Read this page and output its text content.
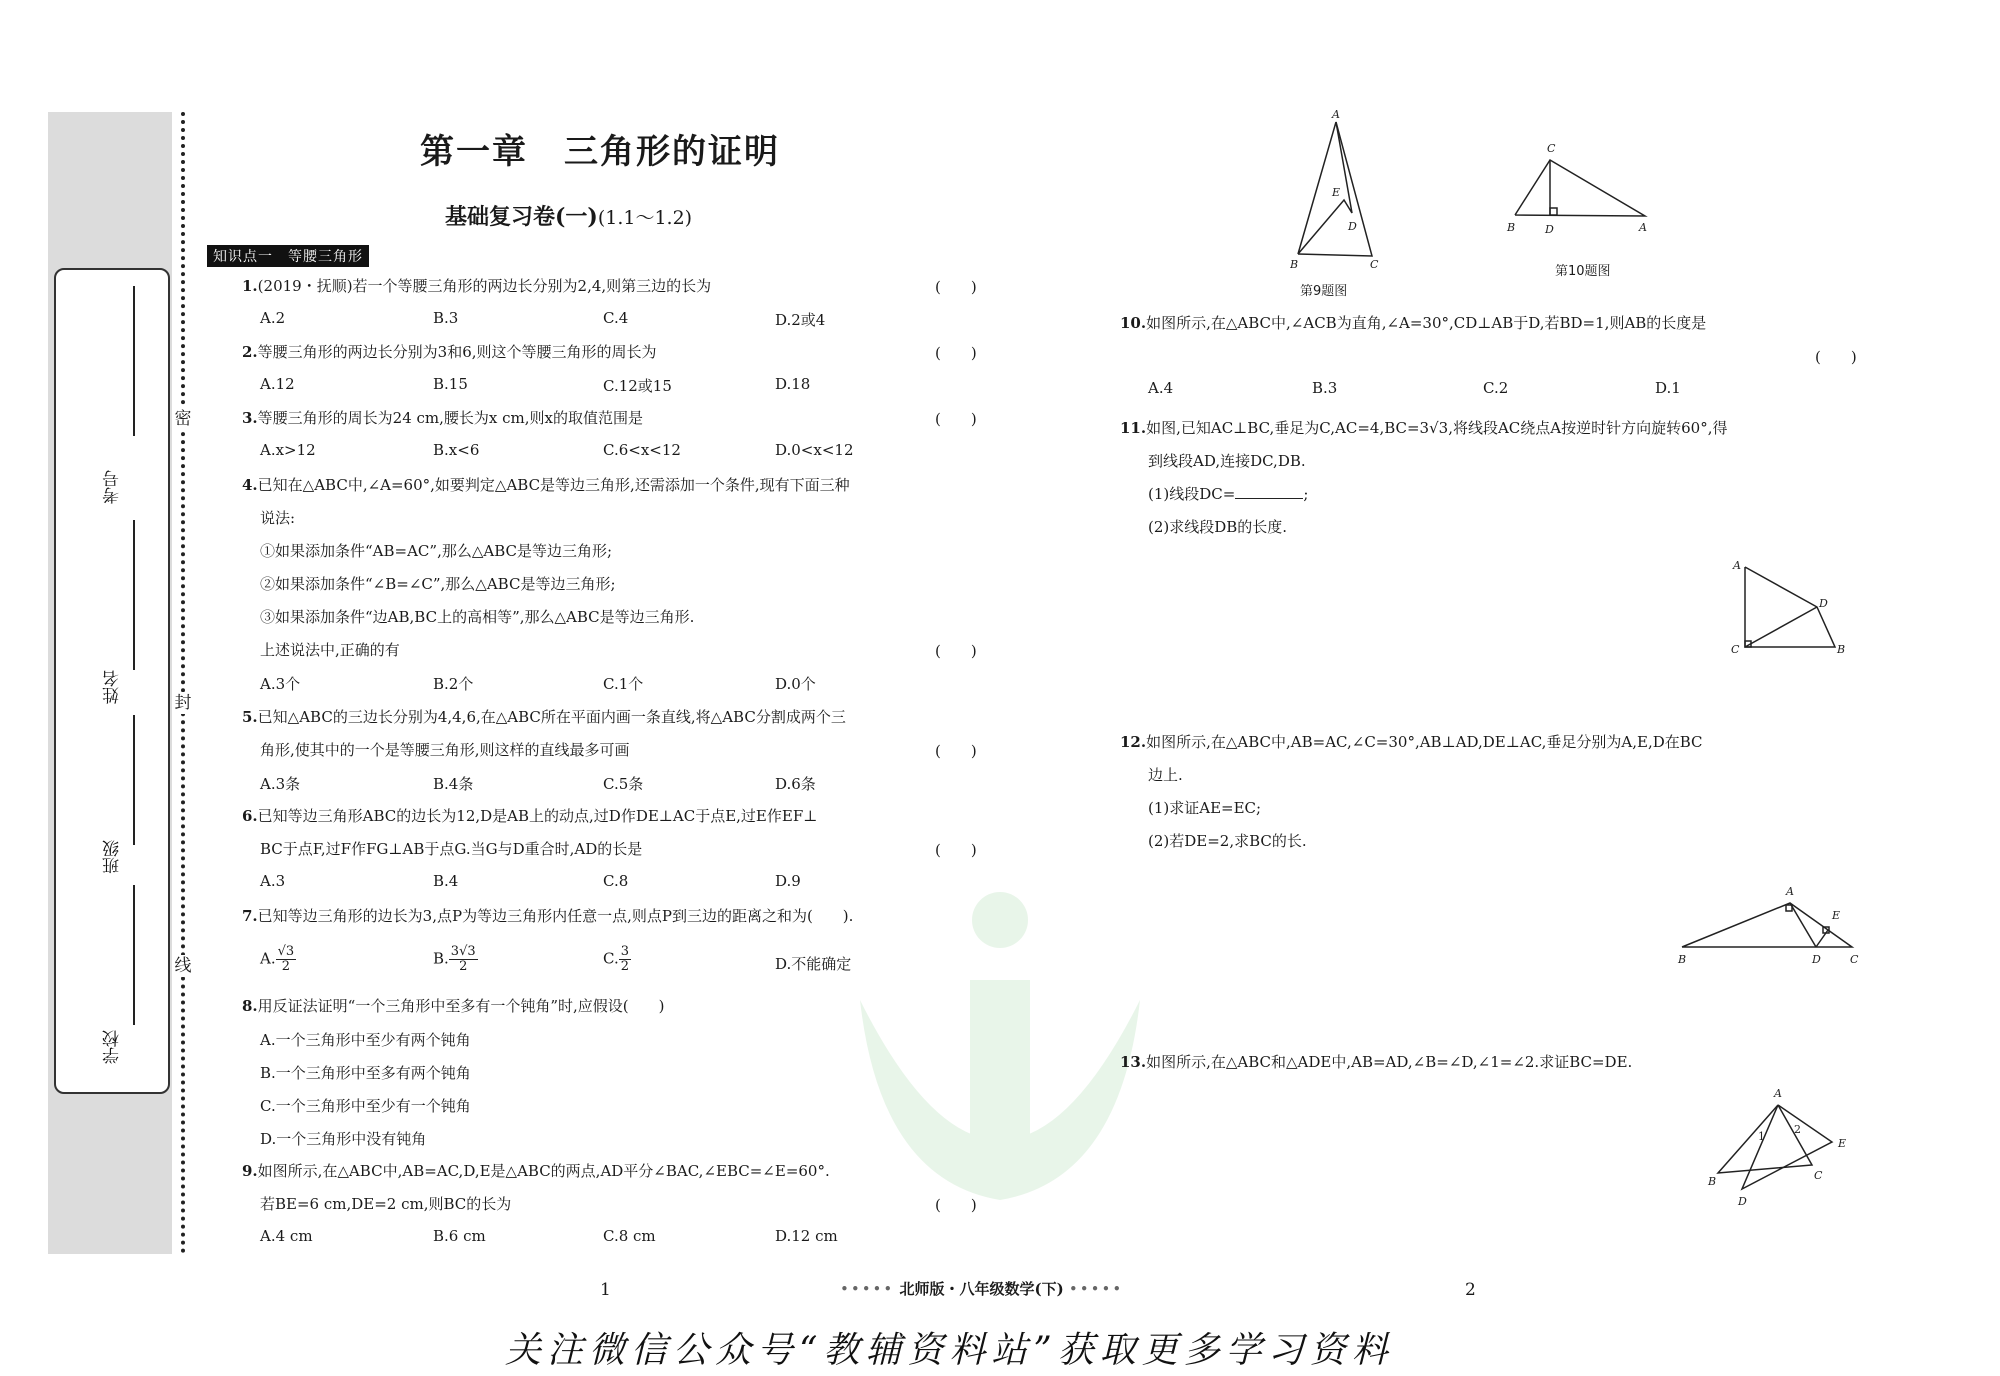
考号
姓名
班级
学校
密
封
线
第一章　三角形的证明
基础复习卷(一)(1.1～1.2)
知识点一　等腰三角形
1.(2019・抚顺)若一个等腰三角形的两边长分别为2,4,则第三边的长为	(　　)
A.2	B.3	C.4	D.2或4
2.等腰三角形的两边长分别为3和6,则这个等腰三角形的周长为	(　　)
A.12	B.15	C.12或15	D.18
3.等腰三角形的周长为24 cm,腰长为x cm,则x的取值范围是	(　　)
A.x>12	B.x<6	C.6<x<12	D.0<x<12
4.已知在△ABC中,∠A=60°,如要判定△ABC是等边三角形,还需添加一个条件,现有下面三种
说法:
①如果添加条件“AB=AC”,那么△ABC是等边三角形;
②如果添加条件“∠B=∠C”,那么△ABC是等边三角形;
③如果添加条件“边AB,BC上的高相等”,那么△ABC是等边三角形.
上述说法中,正确的有	(　　)
A.3个	B.2个	C.1个	D.0个
5.已知△ABC的三边长分别为4,4,6,在△ABC所在平面内画一条直线,将△ABC分割成两个三
角形,使其中的一个是等腰三角形,则这样的直线最多可画	(　　)
A.3条	B.4条	C.5条	D.6条
6.已知等边三角形ABC的边长为12,D是AB上的动点,过D作DE⊥AC于点E,过E作EF⊥
BC于点F,过F作FG⊥AB于点G.当G与D重合时,AD的长是	(　　)
A.3	B.4	C.8	D.9
7.已知等边三角形的边长为3,点P为等边三角形内任意一点,则点P到三边的距离之和为(　　).
A. $\frac{√3}{2}$	B. $\frac{3√3}{2}$	C. $\frac{3}{2}$	D.不能确定
8.用反证法证明“一个三角形中至多有一个钝角”时,应假设(　　)
A.一个三角形中至少有两个钝角
B.一个三角形中至多有两个钝角
C.一个三角形中至少有一个钝角
D.一个三角形中没有钝角
9.如图所示,在△ABC中,AB=AC,D,E是△ABC的两点,AD平分∠BAC,∠EBC=∠E=60°.
若BE=6 cm,DE=2 cm,则BC的长为	(　　)
A.4 cm	B.6 cm	C.8 cm	D.12 cm
A
E
D
B	C
第9题图
C
B	D	A
第10题图
10.如图所示,在△ABC中,∠ACB为直角,∠A=30°,CD⊥AB于D,若BD=1,则AB的长度是
(　　)
A.4	B.3	C.2	D.1
11.如图,已知AC⊥BC,垂足为C,AC=4,BC=3√3,将线段AC绕点A按逆时针方向旋转60°,得
到线段AD,连接DC,DB.
(1)线段DC=	;
(2)求线段DB的长度.
A
D
C	B
12.如图所示,在△ABC中,AB=AC,∠C=30°,AB⊥AD,DE⊥AC,垂足分别为A,E,D在BC
边上.
(1)求证AE=EC;
(2)若DE=2,求BC的长.
A
E
B	D	C
13.如图所示,在△ABC和△ADE中,AB=AD,∠B=∠D,∠1=∠2.求证BC=DE.
A
1
2
E
B	C
D
1	••••• 北师版・八年级数学(下) •••••	2
关注微信公众号“教辅资料站”获取更多学习资料
